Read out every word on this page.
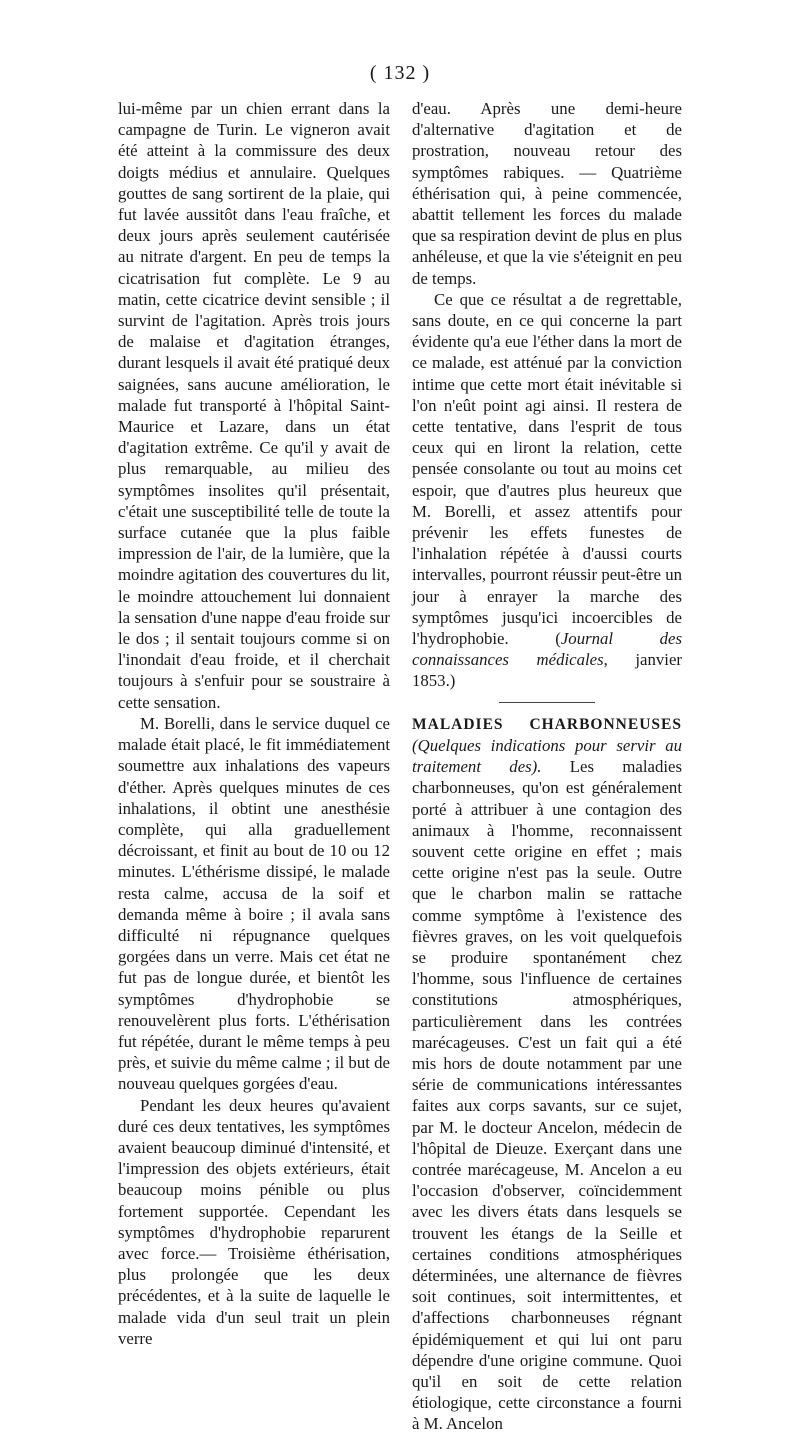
( 132 )

lui-même par un chien errant dans la campagne de Turin. Le vigneron avait été atteint à la commissure des deux doigts médius et annulaire. Quelques gouttes de sang sortirent de la plaie, qui fut lavée aussitôt dans l'eau fraîche, et deux jours après seulement cautérisée au nitrate d'argent. En peu de temps la cicatrisation fut complète. Le 9 au matin, cette cicatrice devint sensible ; il survint de l'agitation. Après trois jours de malaise et d'agitation étranges, durant lesquels il avait été pratiqué deux saignées, sans aucune amélioration, le malade fut transporté à l'hôpital Saint-Maurice et Lazare, dans un état d'agitation extrême. Ce qu'il y avait de plus remarquable, au milieu des symptômes insolites qu'il présentait, c'était une susceptibilité telle de toute la surface cutanée que la plus faible impression de l'air, de la lumière, que la moindre agitation des couvertures du lit, le moindre attouchement lui donnaient la sensation d'une nappe d'eau froide sur le dos ; il sentait toujours comme si on l'inondait d'eau froide, et il cherchait toujours à s'enfuir pour se soustraire à cette sensation.

M. Borelli, dans le service duquel ce malade était placé, le fit immédiatement soumettre aux inhalations des vapeurs d'éther. Après quelques minutes de ces inhalations, il obtint une anesthésie complète, qui alla graduellement décroissant, et finit au bout de 10 ou 12 minutes. L'éthérisme dissipé, le malade resta calme, accusa de la soif et demanda même à boire ; il avala sans difficulté ni répugnance quelques gorgées dans un verre. Mais cet état ne fut pas de longue durée, et bientôt les symptômes d'hydrophobie se renouvelèrent plus forts. L'éthérisation fut répétée, durant le même temps à peu près, et suivie du même calme ; il but de nouveau quelques gorgées d'eau.

Pendant les deux heures qu'avaient duré ces deux tentatives, les symptômes avaient beaucoup diminué d'intensité, et l'impression des objets extérieurs, était beaucoup moins pénible ou plus fortement supportée. Cependant les symptômes d'hydrophobie reparurent avec force.— Troisième éthérisation, plus prolongée que les deux précédentes, et à la suite de laquelle le malade vida d'un seul trait un plein verre

d'eau. Après une demi-heure d'alternative d'agitation et de prostration, nouveau retour des symptômes rabiques. — Quatrième éthérisation qui, à peine commencée, abattit tellement les forces du malade que sa respiration devint de plus en plus anhéleuse, et que la vie s'éteignit en peu de temps.

Ce que ce résultat a de regrettable, sans doute, en ce qui concerne la part évidente qu'a eue l'éther dans la mort de ce malade, est atténué par la conviction intime que cette mort était inévitable si l'on n'eût point agi ainsi. Il restera de cette tentative, dans l'esprit de tous ceux qui en liront la relation, cette pensée consolante ou tout au moins cet espoir, que d'autres plus heureux que M. Borelli, et assez attentifs pour prévenir les effets funestes de l'inhalation répétée à d'aussi courts intervalles, pourront réussir peut-être un jour à enrayer la marche des symptômes jusqu'ici incoercibles de l'hydrophobie. (Journal des connaissances médicales, janvier 1853.)

MALADIES CHARBONNEUSES (Quelques indications pour servir au traitement des). Les maladies charbonneuses, qu'on est généralement porté à attribuer à une contagion des animaux à l'homme, reconnaissent souvent cette origine en effet ; mais cette origine n'est pas la seule. Outre que le charbon malin se rattache comme symptôme à l'existence des fièvres graves, on les voit quelquefois se produire spontanément chez l'homme, sous l'influence de certaines constitutions atmosphériques, particulièrement dans les contrées marécageuses. C'est un fait qui a été mis hors de doute notamment par une série de communications intéressantes faites aux corps savants, sur ce sujet, par M. le docteur Ancelon, médecin de l'hôpital de Dieuze. Exerçant dans une contrée marécageuse, M. Ancelon a eu l'occasion d'observer, coïncidemment avec les divers états dans lesquels se trouvent les étangs de la Seille et certaines conditions atmosphériques déterminées, une alternance de fièvres soit continues, soit intermittentes, et d'affections charbonneuses régnant épidémiquement et qui lui ont paru dépendre d'une origine commune. Quoi qu'il en soit de cette relation étiologique, cette circonstance a fourni à M. Ancelon
